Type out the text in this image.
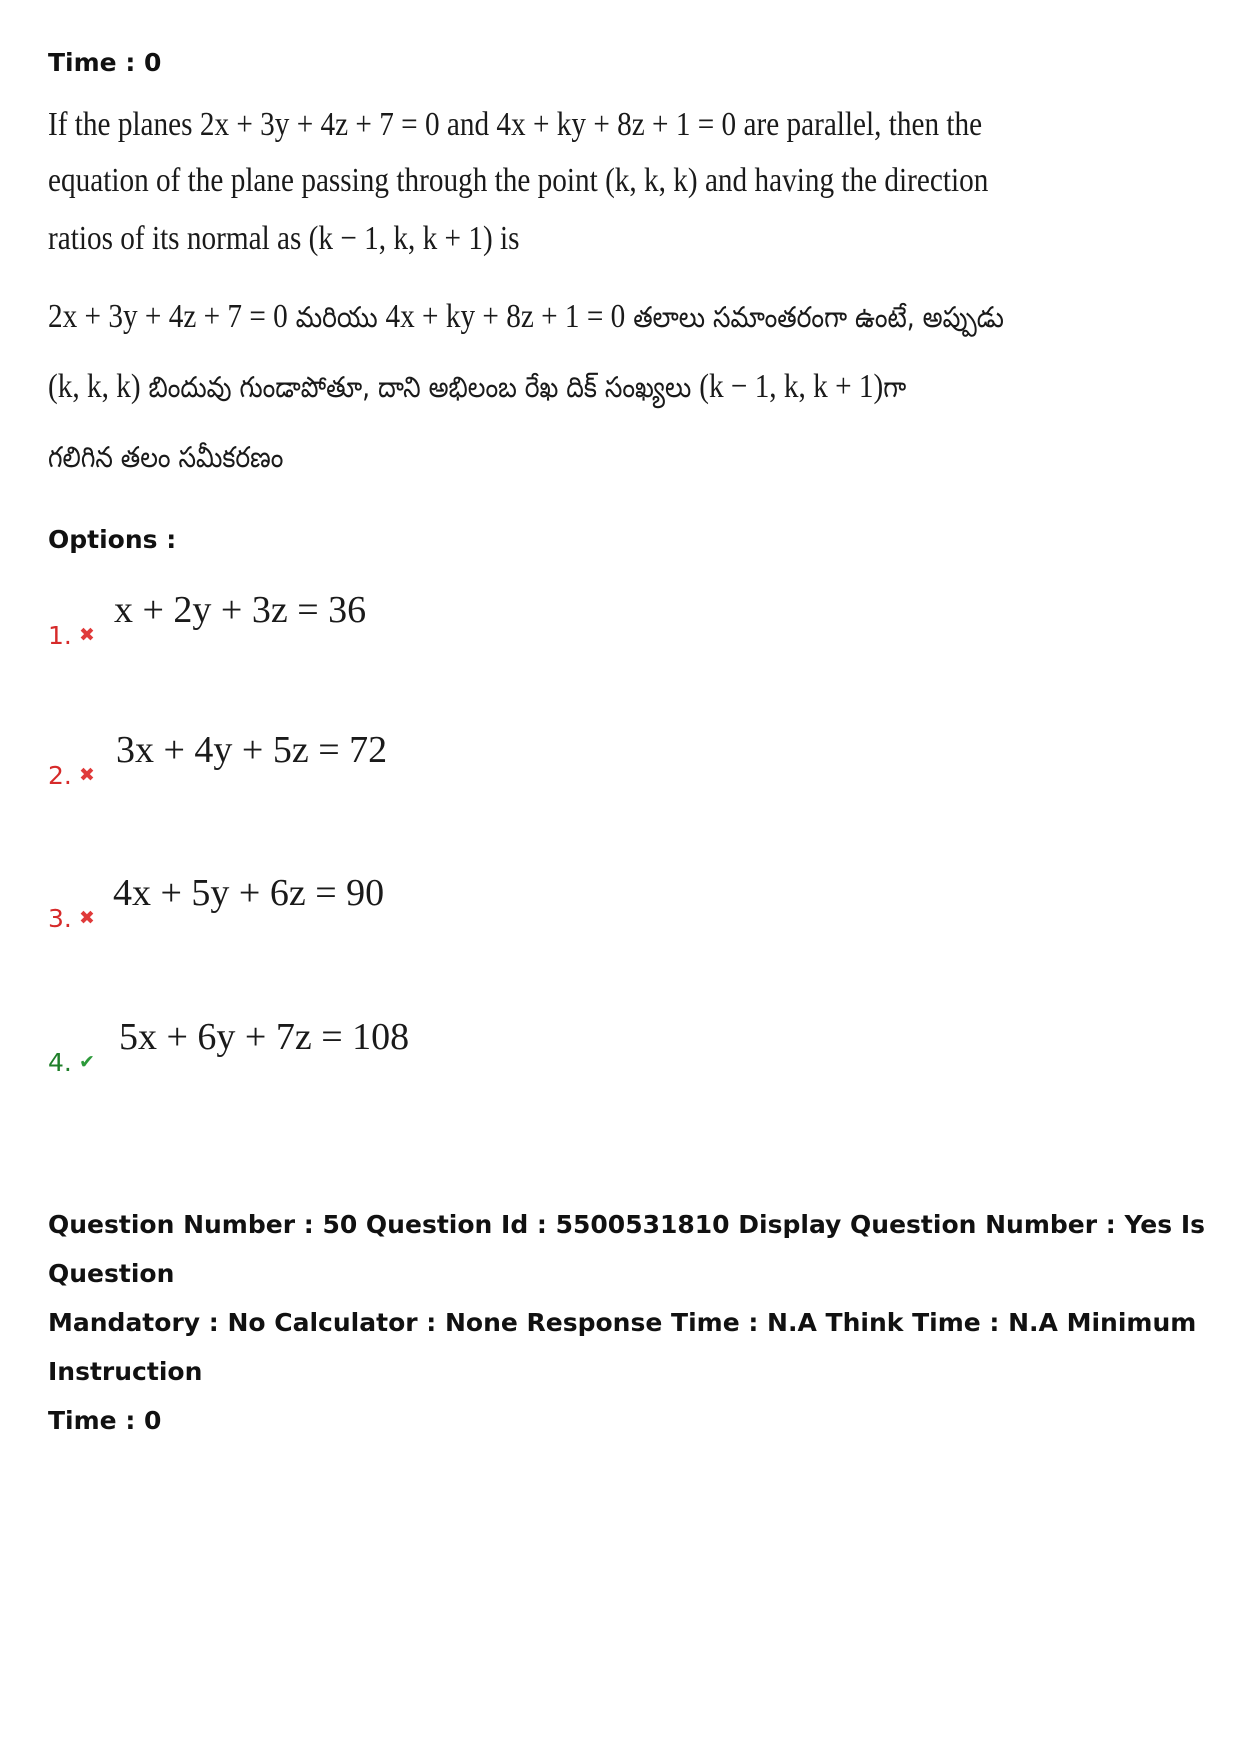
Time : 0

If the planes 2x + 3y + 4z + 7 = 0 and 4x + ky + 8z + 1 = 0 are parallel, then the
equation of the plane passing through the point (k, k, k) and having the direction
ratios of its normal as (k − 1, k, k + 1) is
2x + 3y + 4z + 7 = 0 మరియు 4x + ky + 8z + 1 = 0 తలాలు సమాంతరంగా ఉంటే, అప్పుడు
(k, k, k) బిందువు గుండాపోతూ, దాని అభిలంబ రేఖ దిక్ సంఖ్యలు (k − 1, k, k + 1)గా
గలిగిన తలం సమీకరణం

Options :

1. ✖
x + 2y + 3z = 36
2. ✖
3x + 4y + 5z = 72
3. ✖
4x + 5y + 6z = 90
4. ✔
5x + 6y + 7z = 108
Question Number : 50 Question Id : 5500531810 Display Question Number : Yes Is Question
Mandatory : No Calculator : None Response Time : N.A Think Time : N.A Minimum Instruction
Time : 0
